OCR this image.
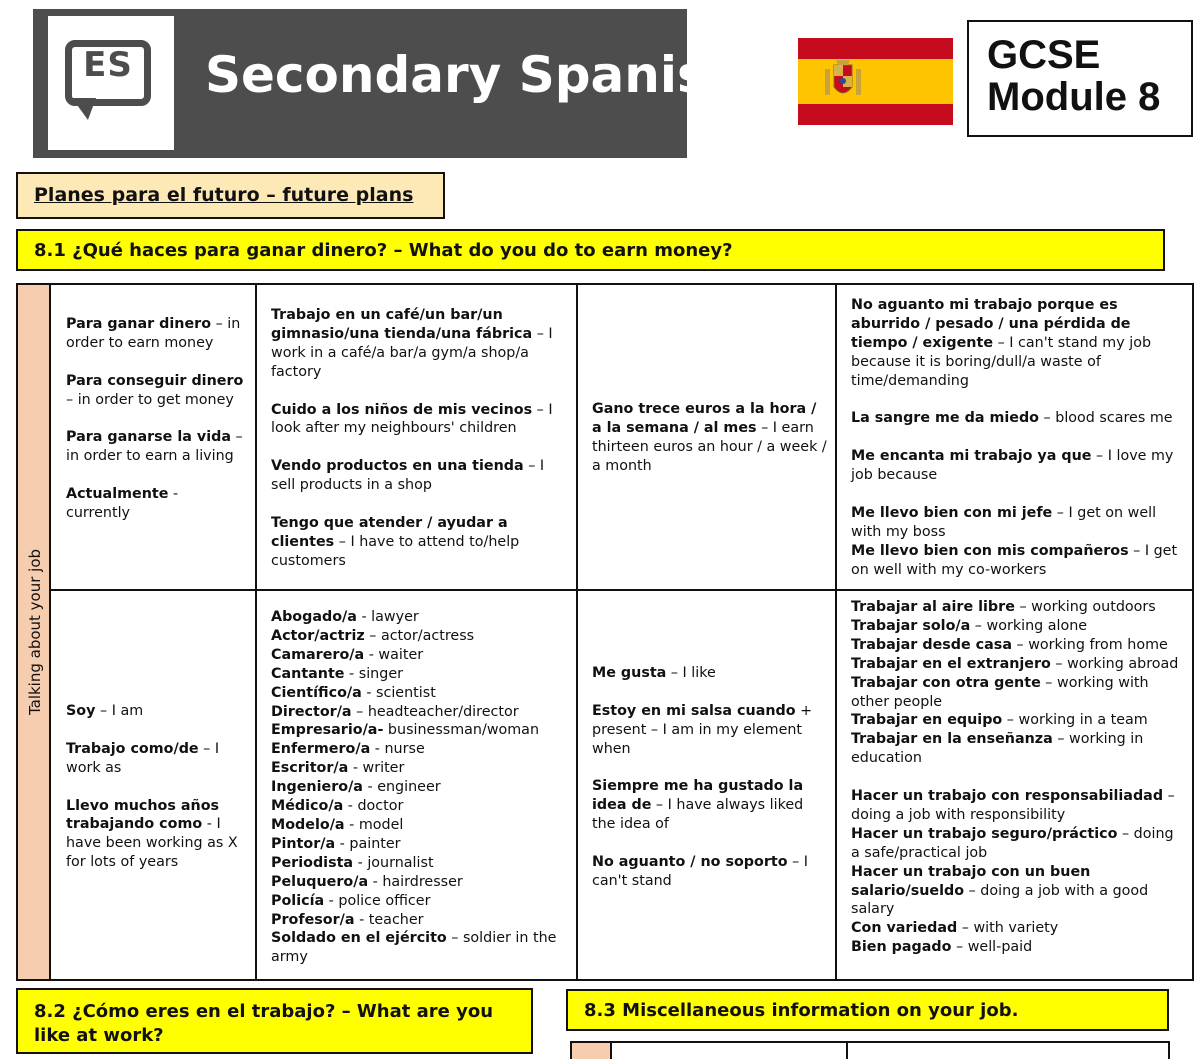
ES	Secondary Spanish	GCSE
Module 8
Planes para el futuro – future plans
8.1 ¿Qué haces para ganar dinero? – What do you do to earn money?
Talking about your job

Para ganar dinero – in order to earn money

Para conseguir dinero – in order to get money

Para ganarse la vida – in order to earn a living

Actualmente - currently

Trabajo en un café/un bar/un gimnasio/una tienda/una fábrica – I work in a café/a bar/a gym/a shop/a factory

Cuido a los niños de mis vecinos – I look after my neighbours' children

Vendo productos en una tienda – I sell products in a shop

Tengo que atender / ayudar a clientes – I have to attend to/help customers

Gano trece euros a la hora / a la semana / al mes – I earn thirteen euros an hour / a week / a month

No aguanto mi trabajo porque es aburrido / pesado / una pérdida de tiempo / exigente – I can't stand my job because it is boring/dull/a waste of time/demanding

La sangre me da miedo – blood scares me

Me encanta mi trabajo ya que – I love my job because

Me llevo bien con mi jefe – I get on well with my boss

Me llevo bien con mis compañeros – I get on well with my co-workers

Soy – I am

Trabajo como/de – I work as

Llevo muchos años trabajando como - I have been working as X for lots of years

Abogado/a - lawyer

Actor/actriz – actor/actress

Camarero/a - waiter

Cantante - singer

Científico/a - scientist

Director/a – headteacher/director

Empresario/a- businessman/woman

Enfermero/a - nurse

Escritor/a - writer

Ingeniero/a - engineer

Médico/a - doctor

Modelo/a - model

Pintor/a - painter

Periodista - journalist

Peluquero/a - hairdresser

Policía - police officer

Profesor/a - teacher

Soldado en el ejército – soldier in the army

Me gusta – I like

Estoy en mi salsa cuando + present – I am in my element when

Siempre me ha gustado la idea de – I have always liked the idea of

No aguanto / no soporto – I can't stand

Trabajar al aire libre – working outdoors

Trabajar solo/a – working alone

Trabajar desde casa – working from home

Trabajar en el extranjero – working abroad

Trabajar con otra gente – working with other people

Trabajar en equipo – working in a team

Trabajar en la enseñanza – working in education

Hacer un trabajo con responsabiliadad – doing a job with responsibility

Hacer un trabajo seguro/práctico – doing a safe/practical job

Hacer un trabajo con un buen salario/sueldo – doing a job with a good salary

Con variedad – with variety

Bien pagado – well-paid

8.2 ¿Cómo eres en el trabajo? – What are you like at work?
8.3 Miscellaneous information on your job.
